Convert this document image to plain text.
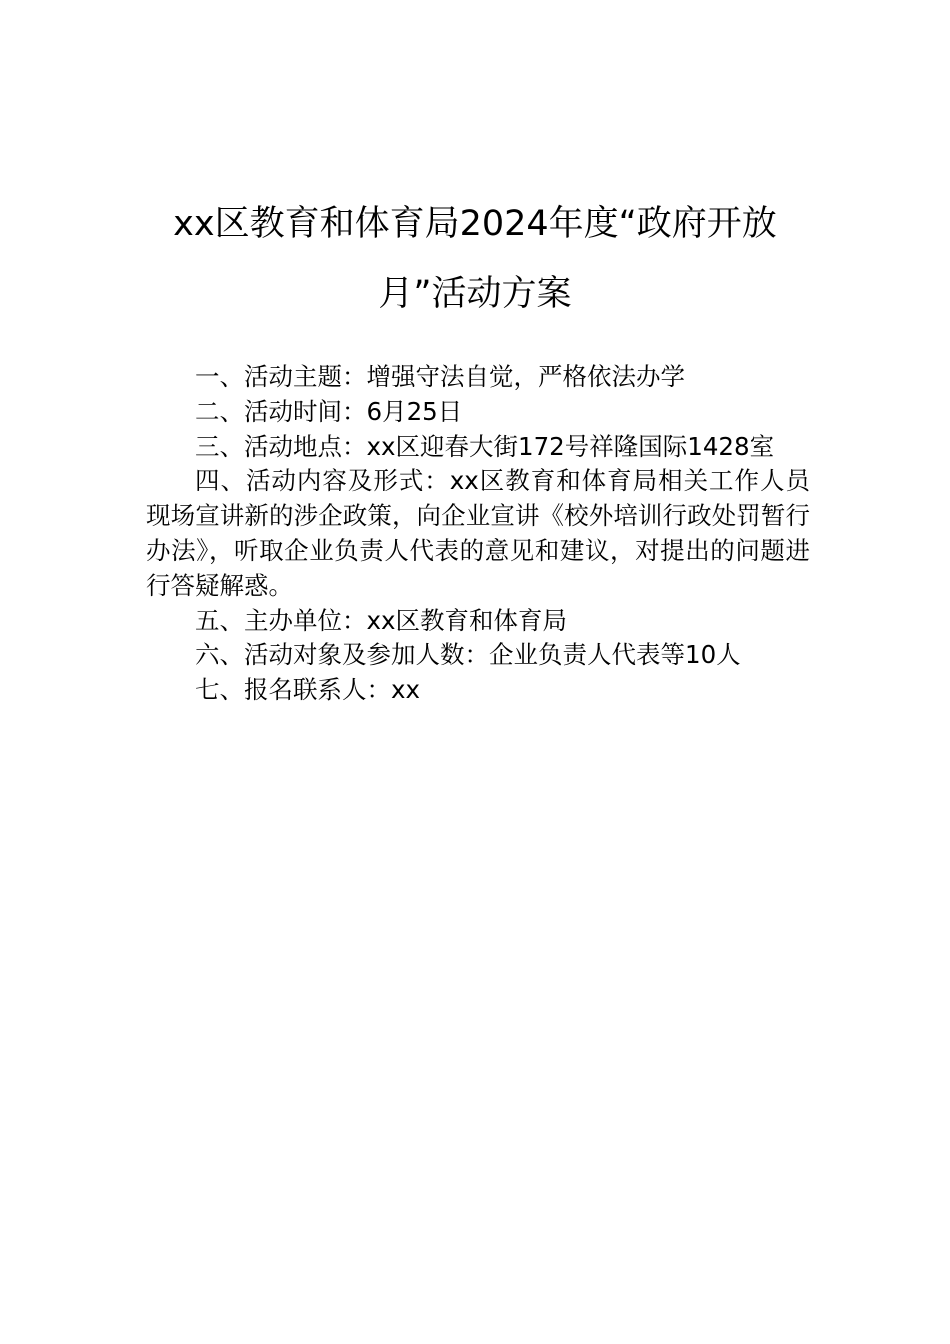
xx区教育和体育局2024年度“政府开放
月”活动方案

一、活动主题：增强守法自觉，严格依法办学

二、活动时间：6月25日

三、活动地点：xx区迎春大街172号祥隆国际1428室

四、活动内容及形式：xx区教育和体育局相关工作人员现场宣讲新的涉企政策，向企业宣讲《校外培训行政处罚暂行办法》，听取企业负责人代表的意见和建议，对提出的问题进行答疑解惑。

五、主办单位：xx区教育和体育局

六、活动对象及参加人数：企业负责人代表等10人

七、报名联系人：xx
